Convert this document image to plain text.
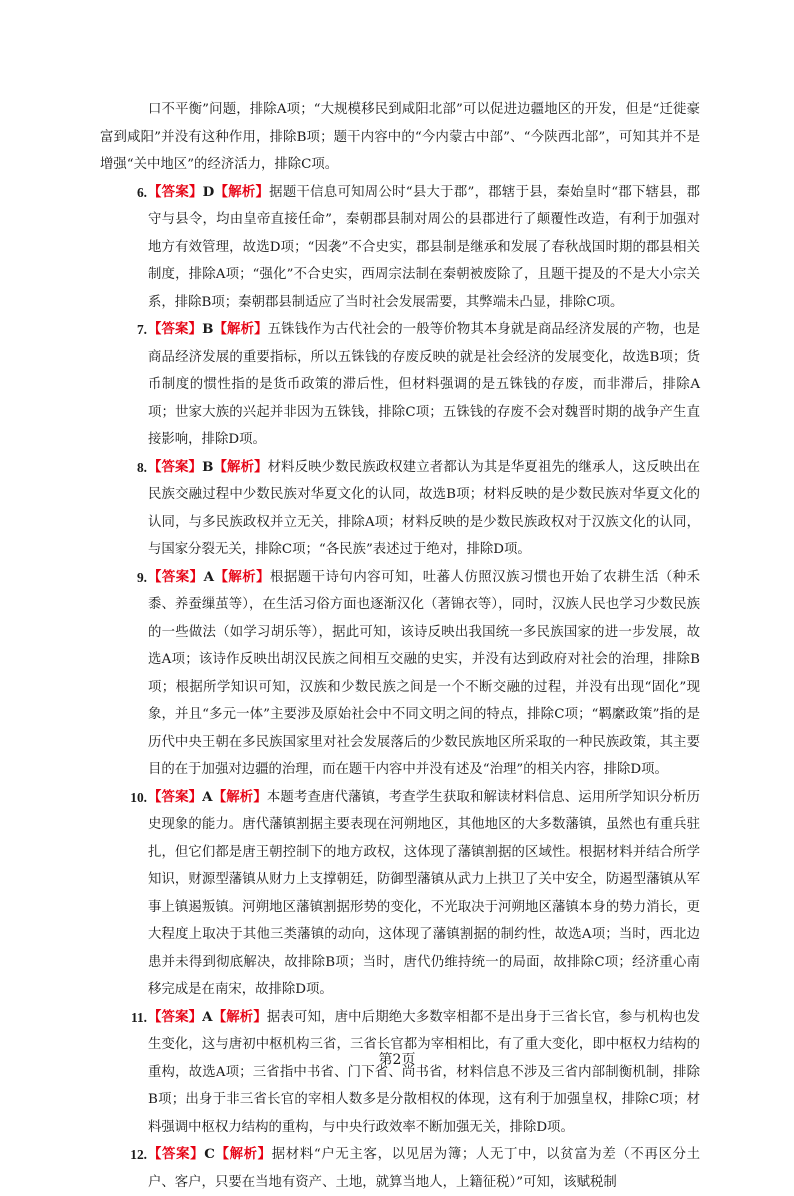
口不平衡”问题，排除A项；“大规模移民到咸阳北部”可以促进边疆地区的开发，但是“迁徙豪富到咸阳”并没有这种作用，排除B项；题干内容中的“今内蒙古中部”、“今陕西北部”，可知其并不是增强“关中地区”的经济活力，排除C项。

6. 【答案】D【解析】据题干信息可知周公时“县大于郡”，郡辖于县，秦始皇时“郡下辖县，郡守与县令，均由皇帝直接任命”，秦朝郡县制对周公的县郡进行了颠覆性改造，有利于加强对地方有效管理，故选D项；“因袭”不合史实，郡县制是继承和发展了春秋战国时期的郡县相关制度，排除A项；“强化”不合史实，西周宗法制在秦朝被废除了，且题干提及的不是大小宗关系，排除B项；秦朝郡县制适应了当时社会发展需要，其弊端未凸显，排除C项。

7. 【答案】B【解析】五铢钱作为古代社会的一般等价物其本身就是商品经济发展的产物，也是商品经济发展的重要指标，所以五铢钱的存废反映的就是社会经济的发展变化，故选B项；货币制度的惯性指的是货币政策的滞后性，但材料强调的是五铢钱的存废，而非滞后，排除A项；世家大族的兴起并非因为五铢钱，排除C项；五铢钱的存废不会对魏晋时期的战争产生直接影响，排除D项。

8. 【答案】B【解析】材料反映少数民族政权建立者都认为其是华夏祖先的继承人，这反映出在民族交融过程中少数民族对华夏文化的认同，故选B项；材料反映的是少数民族对华夏文化的认同，与多民族政权并立无关，排除A项；材料反映的是少数民族政权对于汉族文化的认同，与国家分裂无关，排除C项；“各民族”表述过于绝对，排除D项。

9. 【答案】A【解析】根据题干诗句内容可知，吐蕃人仿照汉族习惯也开始了农耕生活（种禾黍、养蚕缫茧等），在生活习俗方面也逐渐汉化（著锦衣等），同时，汉族人民也学习少数民族的一些做法（如学习胡乐等），据此可知，该诗反映出我国统一多民族国家的进一步发展，故选A项；该诗作反映出胡汉民族之间相互交融的史实，并没有达到政府对社会的治理，排除B项；根据所学知识可知，汉族和少数民族之间是一个不断交融的过程，并没有出现“固化”现象，并且“多元一体”主要涉及原始社会中不同文明之间的特点，排除C项；“羁縻政策”指的是历代中央王朝在多民族国家里对社会发展落后的少数民族地区所采取的一种民族政策，其主要目的在于加强对边疆的治理，而在题干内容中并没有述及“治理”的相关内容，排除D项。

10. 【答案】A【解析】本题考查唐代藩镇，考查学生获取和解读材料信息、运用所学知识分析历史现象的能力。唐代藩镇割据主要表现在河朔地区，其他地区的大多数藩镇，虽然也有重兵驻扎，但它们都是唐王朝控制下的地方政权，这体现了藩镇割据的区域性。根据材料并结合所学知识，财源型藩镇从财力上支撑朝廷，防御型藩镇从武力上拱卫了关中安全，防遏型藩镇从军事上镇遏叛镇。河朔地区藩镇割据形势的变化，不光取决于河朔地区藩镇本身的势力消长，更大程度上取决于其他三类藩镇的动向，这体现了藩镇割据的制约性，故选A项；当时，西北边患并未得到彻底解决，故排除B项；当时，唐代仍维持统一的局面，故排除C项；经济重心南移完成是在南宋，故排除D项。

11. 【答案】A【解析】据表可知，唐中后期绝大多数宰相都不是出身于三省长官，参与机构也发生变化，这与唐初中枢机构三省，三省长官都为宰相相比，有了重大变化，即中枢权力结构的重构，故选A项；三省指中书省、门下省、尚书省，材料信息不涉及三省内部制衡机制，排除B项；出身于非三省长官的宰相人数多是分散相权的体现，这有利于加强皇权，排除C项；材料强调中枢权力结构的重构，与中央行政效率不断加强无关，排除D项。

12. 【答案】C【解析】据材料“户无主客，以见居为簿；人无丁中，以贫富为差（不再区分土户、客户，只要在当地有资产、土地，就算当地人，上籍征税）”可知，该赋税制

第2页
